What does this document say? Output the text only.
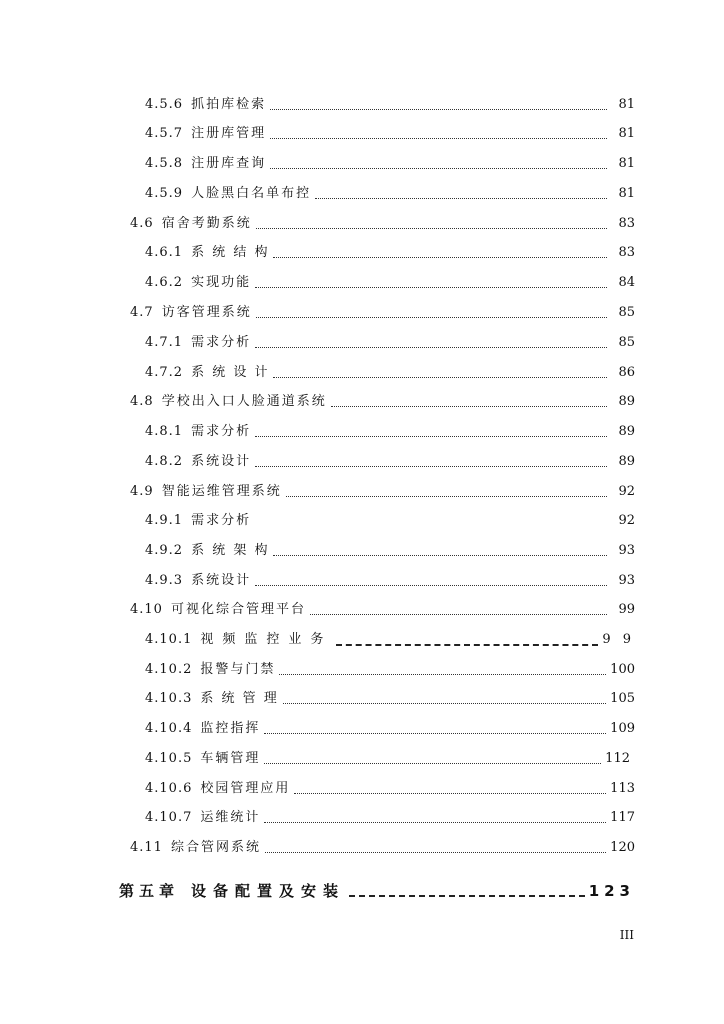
4.5.6 抓拍库检索	81
4.5.7 注册库管理	81
4.5.8 注册库查询	81
4.5.9 人脸黑白名单布控	81
4.6 宿舍考勤系统	83
4.6.1 系 统 结 构	83
4.6.2 实现功能	84
4.7 访客管理系统	85
4.7.1 需求分析	85
4.7.2 系 统 设 计	86
4.8 学校出入口人脸通道系统	89
4.8.1 需求分析	89
4.8.2 系统设计	89
4.9 智能运维管理系统	92
4.9.1 需求分析	92
4.9.2 系 统 架 构	93
4.9.3 系统设计	93
4.10 可视化综合管理平台	99
4.10.1 视频监控业务	9 9
4.10.2 报警与门禁	100
4.10.3 系 统 管 理	105
4.10.4 监控指挥	109
4.10.5 车辆管理	112
4.10.6 校园管理应用	113
4.10.7 运维统计	117
4.11 综合管网系统	120
第五章 设备配置及安装	123
III
